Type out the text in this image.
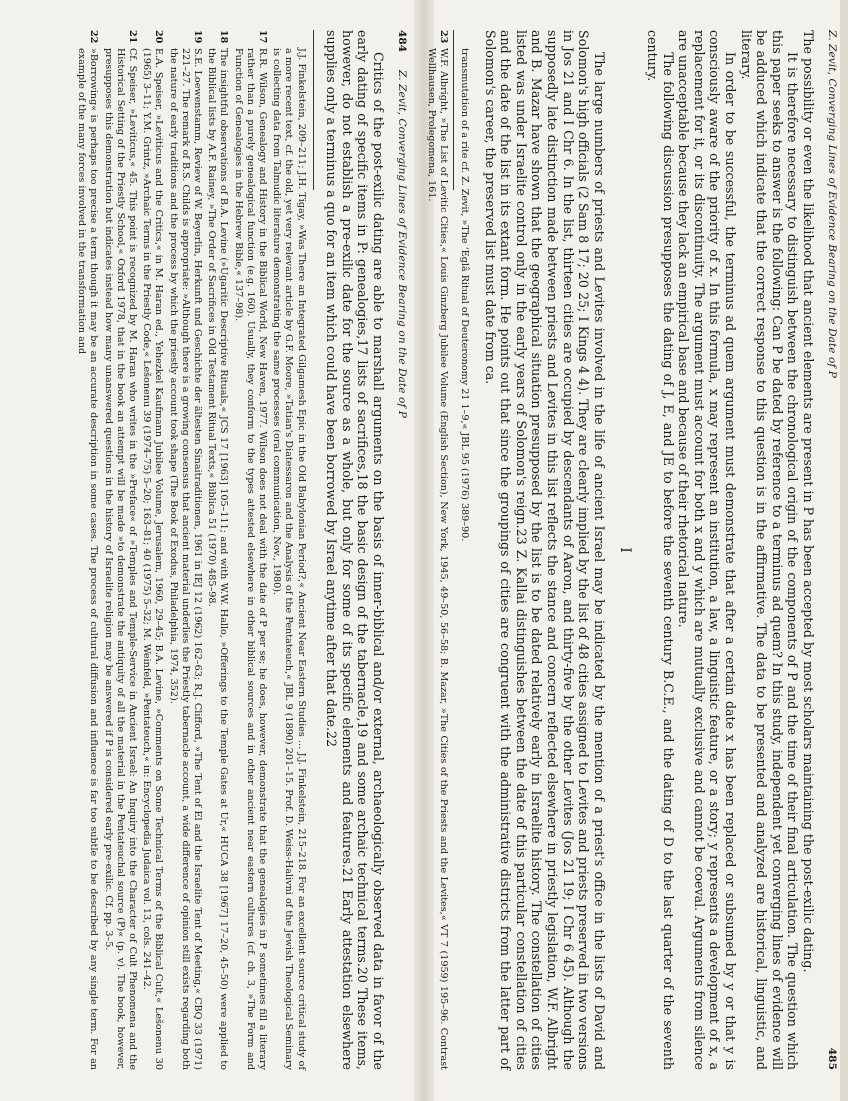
484
Z. Zevit, Converging Lines of Evidence Bearing on the Date of P

Critics of the post-exilic dating are able to marshall arguments on the basis of inner-biblical and/or external, archaeologically observed data in favor of the early dating of specific items in P: genealogies,17 lists of sacrifices,18 the basic design of the tabernacle,19 and some archaic technical terms.20 These items, however, do not establish a pre-exilic date for the source as a whole, but only for some of its specific elements and features.21 Early attestation elsewhere supplies only a terminus a quo for an item which could have been borrowed by Israel anytime after that date.22

J.J. Finkelstein, 209–211; J.H. Tigay, »Was There an Integrated Gilgamesh Epic in the Old Babylonian Period?,« Ancient Near Eastern Studies … J.J. Finkelstein, 215–218. For an excellent source critical study of a more recent text, cf. the old, yet very relevant article by G.F. Moore, »Tatian's Diatessaron and the Analysis of the Pentateuch,« JBL 9 (1890) 201–15. Prof. D. Weiss-Halivni of the Jewish Theological Seminary is collecting data from Talmudic literature demonstrating the same processes (oral communication, Nov., 1980).
17
R.R. Wilson, Genealogy and History in the Biblical World, New Haven, 1977. Wilson does not deal with the date of P per se; he does, however, demonstrate that the genealogies in P sometimes fill a literary rather than a purely genealogical function (e.g. 160). Usually, they conform to the types attested elsewhere in other biblical sources and in other ancient near eastern cultures (cf. ch. 3, »The Form and Function of Genealogies in the Hebrew Bible,« 137–98).
18
The insightful observations of B.A. Levine (»Ugaritic Descriptive Rituals,« JCS 17 [1963] 105–111; and with W.W. Hallo, »Offerings to the Temple Gates at Ur,« HUCA 38 [1967] 17–20, 45–50) were applied to the Biblical lists by A.F. Rainey, »The Order of Sacrifices in Old Testament Ritual Texts,« Biblica 51 (1970) 485–98.
19
S.E. Loewenstamm, Review of W. Beyerlin, Herkunft und Geschichte der ältesten Sinaitraditionen, 1961 in IEJ 12 (1962) 162–63; R.J. Clifford, »The Tent of El and the Israelite Tent of Meeting,« CBQ 33 (1971) 221–27. The remark of B.S. Childs is appropriate: »Although there is a growing consensus that ancient material underlies the Priestly tabernacle account, a wide difference of opinion still exists regarding both the nature of early traditions and the process by which the priestly account took shape (The Book of Exodus, Philadelphia, 1974, 352).
20
E.A. Speiser, »Leviticus and the Critics,« in M. Haran ed., Yehezkel Kaufmann Jubilee Volume, Jerusalem, 1960, 29–45; B.A. Levine, »Comments on Some Technical Terms of the Biblical Cult,« Lešonenu 30 (1965) 3–11; Y.M. Grintz, »Archaic Terms in the Priestly Code,« Lešonenu 39 (1974–75) 5–20; 163–81; 40 (1975) 5–32; M. Weinfeld, »Pentateuch,« in: Encyclopedia Judaica vol. 13, cols. 241–42.
21
Cf. Speiser, »Leviticus,« 45. This point is recognized by M. Haran who writes in the »Preface« of »Temples and Temple-Service in Ancient Israel: An Inquiry into the Character of Cult Phenomena and the Historical Setting of the Priestly School,« Oxford 1978, that in the book an attempt will be made »to demonstrate the antiquity of all the material in the Pentateuchal source (P)« (p. v). The book, however, presupposes this demonstration but indicates instead how many unanswered questions in the history of Israelite religion may be answered if P is considered early pre-exilic. Cf. pp. 3–5.
22
»Borrowing« is perhaps too precise a term though it may be an accurate description in some cases. The process of cultural diffusion and influence is far too subtle to be described by any single term. For an example of the many forces involved in the transformation and	Z. Zevit, Converging Lines of Evidence Bearing on the Date of P
485

The possibility or even the likelihood that ancient elements are present in P has been accepted by most scholars maintaining the post-exilic dating.

It is therefore necessary to distinguish between the chronological origin of the components of P and the time of their final articulation. The question which this paper seeks to answer is the following: Can P be dated by reference to a terminus ad quem? In this study, independent yet converging lines of evidence will be adduced which indicate that the correct response to this question is in the affirmative. The data to be presented and analyzed are historical, linguistic, and literary.

In order to be successful, the terminus ad quem argument must demonstrate that after a certain date x has been replaced or subsumed by y or that y is consciously aware of the priority of x. In this formula, x may represent an institution, a law, a linguistic feature, or a story; y represents a development of x, a replacement for it, or its discontinuity. The argument must account for both x and y which are mutually exclusive and cannot be coeval. Arguments from silence are unacceptable because they lack an empirical base and because of their rhetorical nature.

The following discussion presupposes the dating of J, E, and JE to before the seventh century B.C.E., and the dating of D to the last quarter of the seventh century.

I

The large numbers of priests and Levites involved in the life of ancient Israel may be indicated by the mention of a priest's office in the lists of David and Solomon's high officials (2 Sam 8 17; 20 25; I Kings 4 4). They are clearly implied by the list of 48 cities assigned to Levites and priests preserved in two versions in Jos 21 and I Chr 6. In the list, thirteen cities are occupied by descendants of Aaron, and thirty-five by the other Levites (Jos 21 19; I Chr 6 45). Although the supposedly late distinction made between priests and Levites in this list reflects the stance and concern reflected elsewhere in priestly legislation, W.F. Albright and B. Mazar have shown that the geographical situation presupposed by the list is to be dated relatively early in Israelite history. The constellation of cities listed was under Israelite control only in the early years of Solomon's reign.23 Z. Kallai distinguishes between the date of this particular constellation of cities and the date of the list in its extant form. He points out that since the groupings of cities are congruent with the administrative districts from the latter part of Solomon's career, the preserved list must date from ca.

transmutation of a rite cf. Z. Zevit, »The ʻEglâ Ritual of Deuteronomy 21 1–9,« JBL 95 (1976) 389–90.
23
W.F. Albright, »The List of Levitic Cities,« Louis Ginzberg Jubilee Volume (English Section), New York, 1945, 49–50, 56–58; B. Mazar, »The Cities of the Priests and the Levites,« VT 7 (1959) 195–96. Contrast Wellhausen, Prolegomena, 161.
